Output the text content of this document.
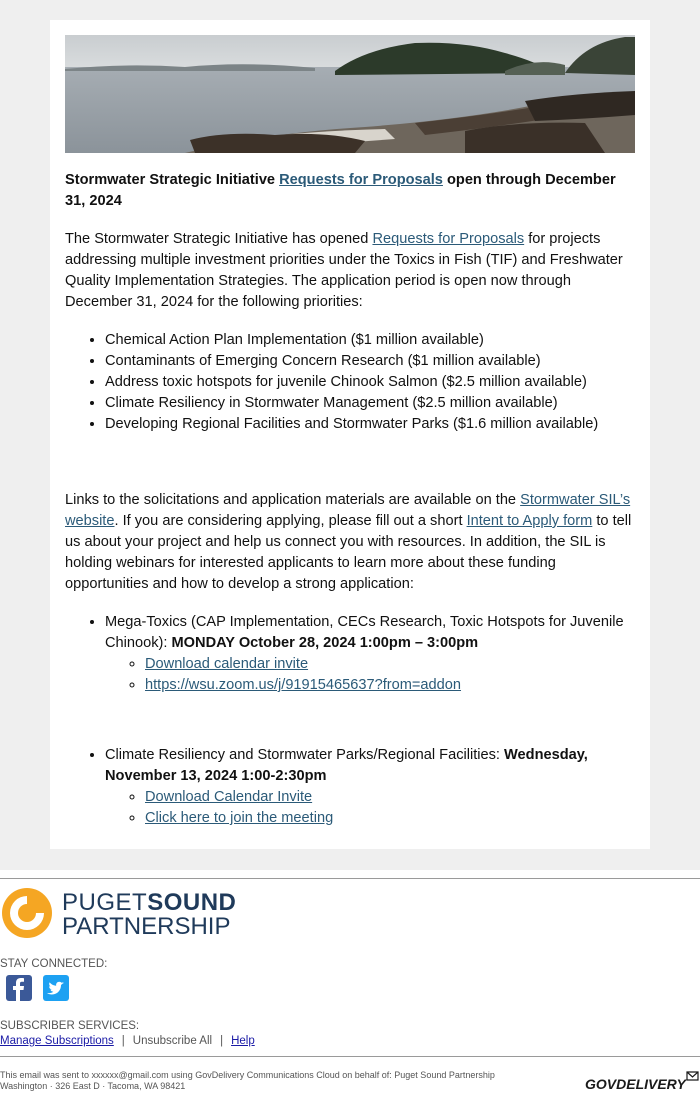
Stormwater Strategic Initiative Requests for Proposals open through December 31, 2024

The Stormwater Strategic Initiative has opened Requests for Proposals for projects addressing multiple investment priorities under the Toxics in Fish (TIF) and Freshwater Quality Implementation Strategies. The application period is open now through December 31, 2024 for the following priorities:

• Chemical Action Plan Implementation ($1 million available)
• Contaminants of Emerging Concern Research ($1 million available)
• Address toxic hotspots for juvenile Chinook Salmon ($2.5 million available)
• Climate Resiliency in Stormwater Management ($2.5 million available)
• Developing Regional Facilities and Stormwater Parks ($1.6 million available)

Links to the solicitations and application materials are available on the Stormwater SIL’s website. If you are considering applying, please fill out a short Intent to Apply form to tell us about your project and help us connect you with resources. In addition, the SIL is holding webinars for interested applicants to learn more about these funding opportunities and how to develop a strong application:

• Mega-Toxics (CAP Implementation, CECs Research, Toxic Hotspots for Juvenile Chinook): MONDAY October 28, 2024 1:00pm – 3:00pm
◦ Download calendar invite
◦ https://wsu.zoom.us/j/91915465637?from=addon
• Climate Resiliency and Stormwater Parks/Regional Facilities: Wednesday, November 13, 2024 1:00-2:30pm
◦ Download Calendar Invite
◦ Click here to join the meeting
PUGETSOUND
PARTNERSHIP
STAY CONNECTED:
SUBSCRIBER SERVICES:
Manage Subscriptions | Unsubscribe All | Help
This email was sent to xxxxxx@gmail.com using GovDelivery Communications Cloud on behalf of: Puget Sound Partnership
Washington · 326 East D · Tacoma, WA 98421	GOVDELIVERY
